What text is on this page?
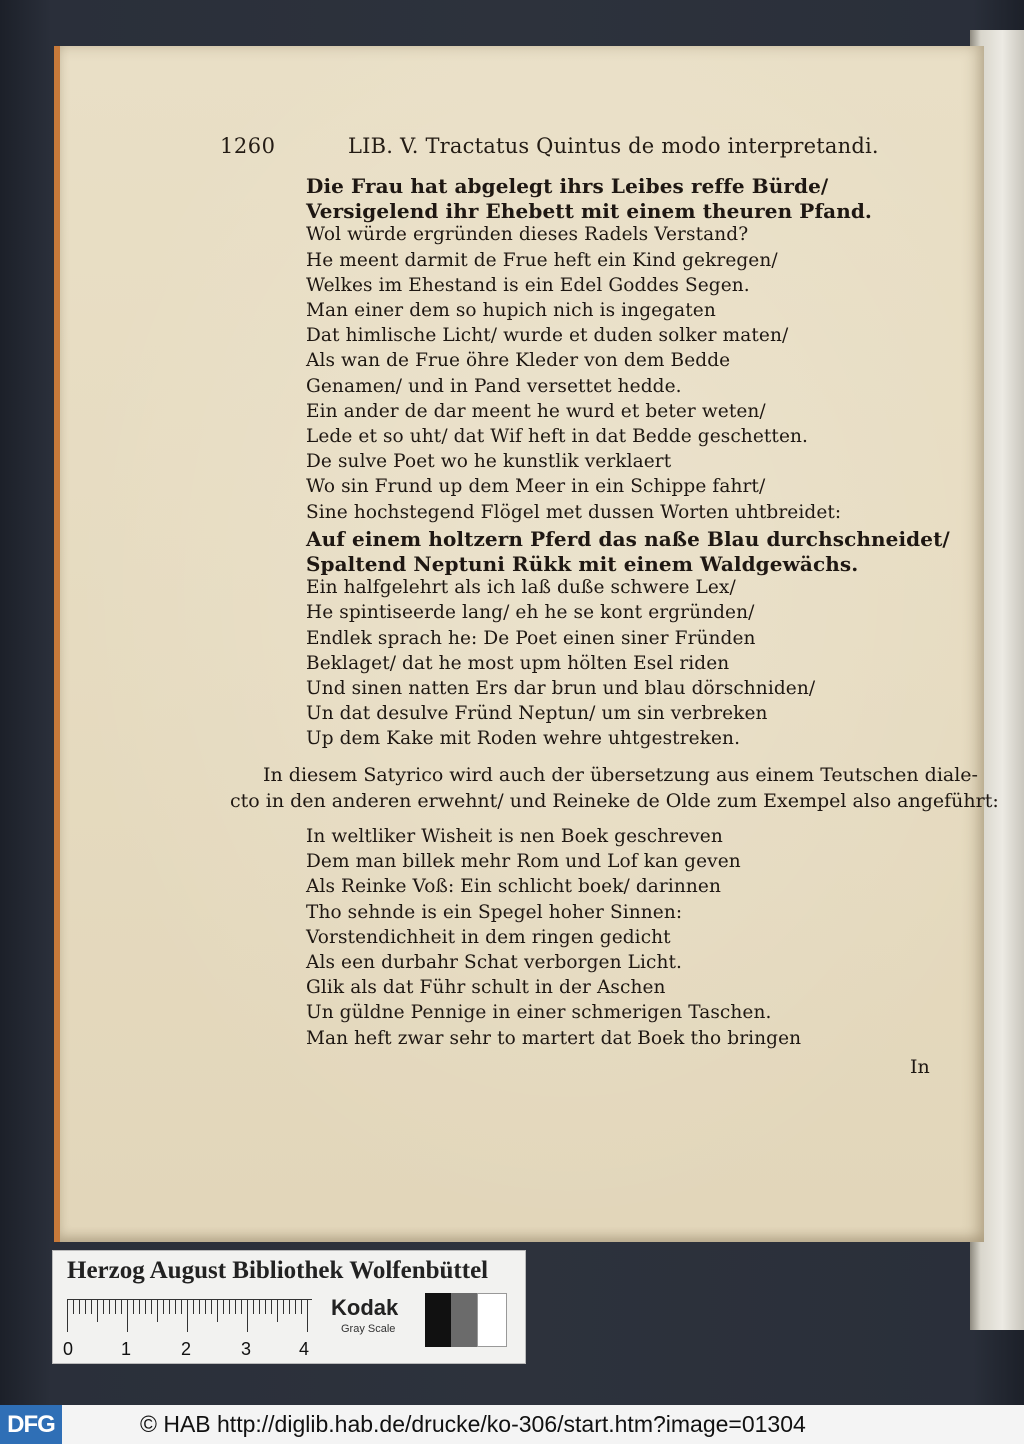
1260	LIB. V. Tractatus Quintus de modo interpretandi.
Die Frau hat abgelegt ihrs Leibes reffe Bürde/
Versigelend ihr Ehebett mit einem theuren Pfand.
Wol würde ergründen dieses Radels Verstand?
He meent darmit de Frue heft ein Kind gekregen/
Welkes im Ehestand is ein Edel Goddes Segen.
Man einer dem so hupich nich is ingegaten
Dat himlische Licht/ wurde et duden solker maten/
Als wan de Frue öhre Kleder von dem Bedde
Genamen/ und in Pand versettet hedde.
Ein ander de dar meent he wurd et beter weten/
Lede et so uht/ dat Wif heft in dat Bedde geschetten.
De sulve Poet wo he kunstlik verklaert
Wo sin Frund up dem Meer in ein Schippe fahrt/
Sine hochstegend Flögel met dussen Worten uhtbreidet:
Auf einem holtzern Pferd das naße Blau durchschneidet/
Spaltend Neptuni Rükk mit einem Waldgewächs.
Ein halfgelehrt als ich laß duße schwere Lex/
He spintiseerde lang/ eh he se kont ergründen/
Endlek sprach he: De Poet einen siner Fründen
Beklaget/ dat he most upm hölten Esel riden
Und sinen natten Ers dar brun und blau dörschniden/
Un dat desulve Fründ Neptun/ um sin verbreken
Up dem Kake mit Roden wehre uhtgestreken.
In diesem Satyrico wird auch der übersetzung aus einem Teutschen diale-
cto in den anderen erwehnt/ und Reineke de Olde zum Exempel also angeführt:
In weltliker Wisheit is nen Boek geschreven
Dem man billek mehr Rom und Lof kan geven
Als Reinke Voß: Ein schlicht boek/ darinnen
Tho sehnde is ein Spegel hoher Sinnen:
Vorstendichheit in dem ringen gedicht
Als een durbahr Schat verborgen Licht.
Glik als dat Führ schult in der Aschen
Un güldne Pennige in einer schmerigen Taschen.
Man heft zwar sehr to martert dat Boek tho bringen
In
Herzog August Bibliothek Wolfenbüttel
0	1	2	3	4
Kodak
Gray Scale
DFG	© HAB http://diglib.hab.de/drucke/ko-306/start.htm?image=01304
